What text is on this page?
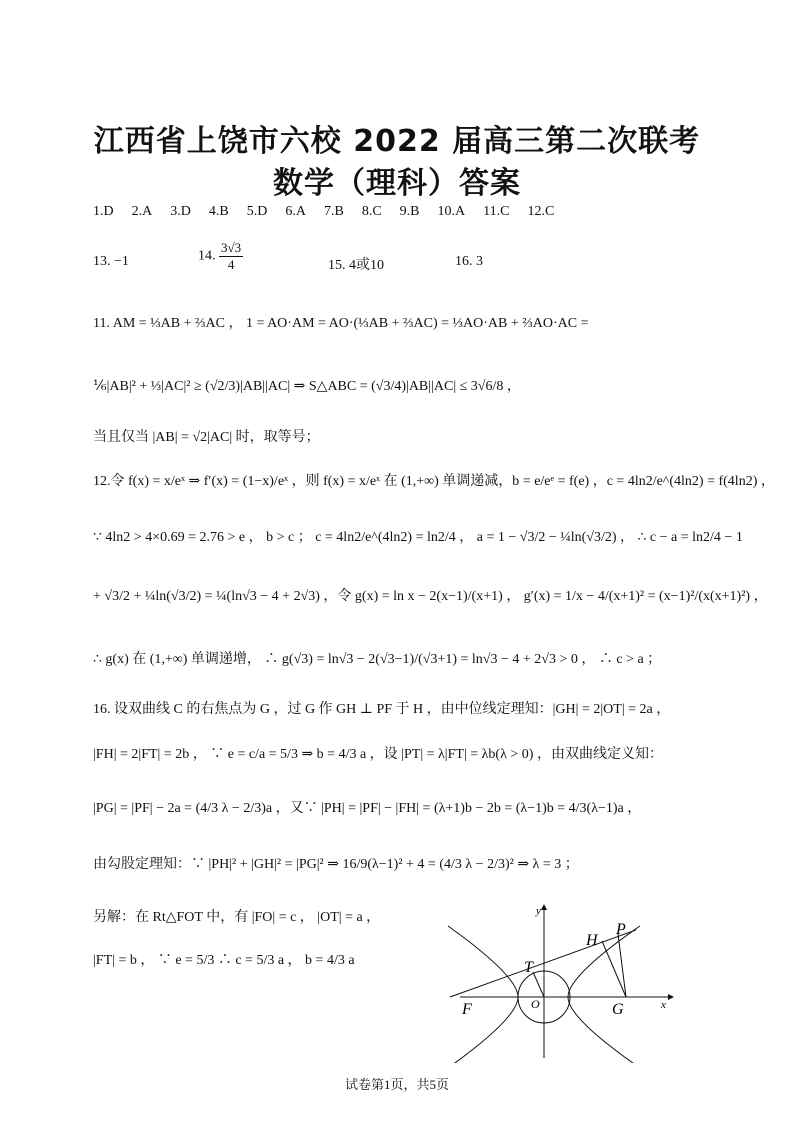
江西省上饶市六校 2022 届高三第二次联考
数学（理科）答案
1.D 2.A 3.D 4.B 5.D 6.A 7.B 8.C 9.B 10.A 11.C 12.C
13. −1	14. $\frac{3√3}{4}$	15. 4或10	16. 3
11. AM = ⅓AB + ⅔AC ， 1 = AO·AM = AO·(⅓AB + ⅔AC) = ⅓AO·AB + ⅔AO·AC =
⅙|AB|² + ⅓|AC|² ≥ (√2/3)|AB||AC| ⇒ S△ABC = (√3/4)|AB||AC| ≤ 3√6/8 ，
当且仅当 |AB| = √2|AC| 时，取等号；
12.令 f(x) = x/eˣ ⇒ f′(x) = (1−x)/eˣ ，则 f(x) = x/eˣ 在 (1,+∞) 单调递减，b = e/eᵉ = f(e) ，c = 4ln2/e^(4ln2) = f(4ln2) ，
∵ 4ln2 > 4×0.69 = 2.76 > e ， b > c ； c = 4ln2/e^(4ln2) = ln2/4 ， a = 1 − √3/2 − ¼ln(√3/2) ， ∴ c − a = ln2/4 − 1
+ √3/2 + ¼ln(√3/2) = ¼(ln√3 − 4 + 2√3) ，令 g(x) = ln x − 2(x−1)/(x+1) ， g′(x) = 1/x − 4/(x+1)² = (x−1)²/(x(x+1)²) ，
∴ g(x) 在 (1,+∞) 单调递增， ∴ g(√3) = ln√3 − 2(√3−1)/(√3+1) = ln√3 − 4 + 2√3 > 0 ， ∴ c > a ；
16. 设双曲线 C 的右焦点为 G ，过 G 作 GH ⊥ PF 于 H ，由中位线定理知：|GH| = 2|OT| = 2a ，
|FH| = 2|FT| = 2b ， ∵ e = c/a = 5/3 ⇒ b = 4/3 a ，设 |PT| = λ|FT| = λb(λ > 0) ，由双曲线定义知：
|PG| = |PF| − 2a = (4/3 λ − 2/3)a ，又∵ |PH| = |PF| − |FH| = (λ+1)b − 2b = (λ−1)b = 4/3(λ−1)a ，
由勾股定理知：∵ |PH|² + |GH|² = |PG|² ⇒ 16/9(λ−1)² + 4 = (4/3 λ − 2/3)² ⇒ λ = 3 ；
另解：在 Rt△FOT 中，有 |FO| = c ， |OT| = a ，
|FT| = b ， ∵ e = 5/3 ∴ c = 5/3 a ， b = 4/3 a
x
y
F	O
T
G
H
P
试卷第1页，共5页
